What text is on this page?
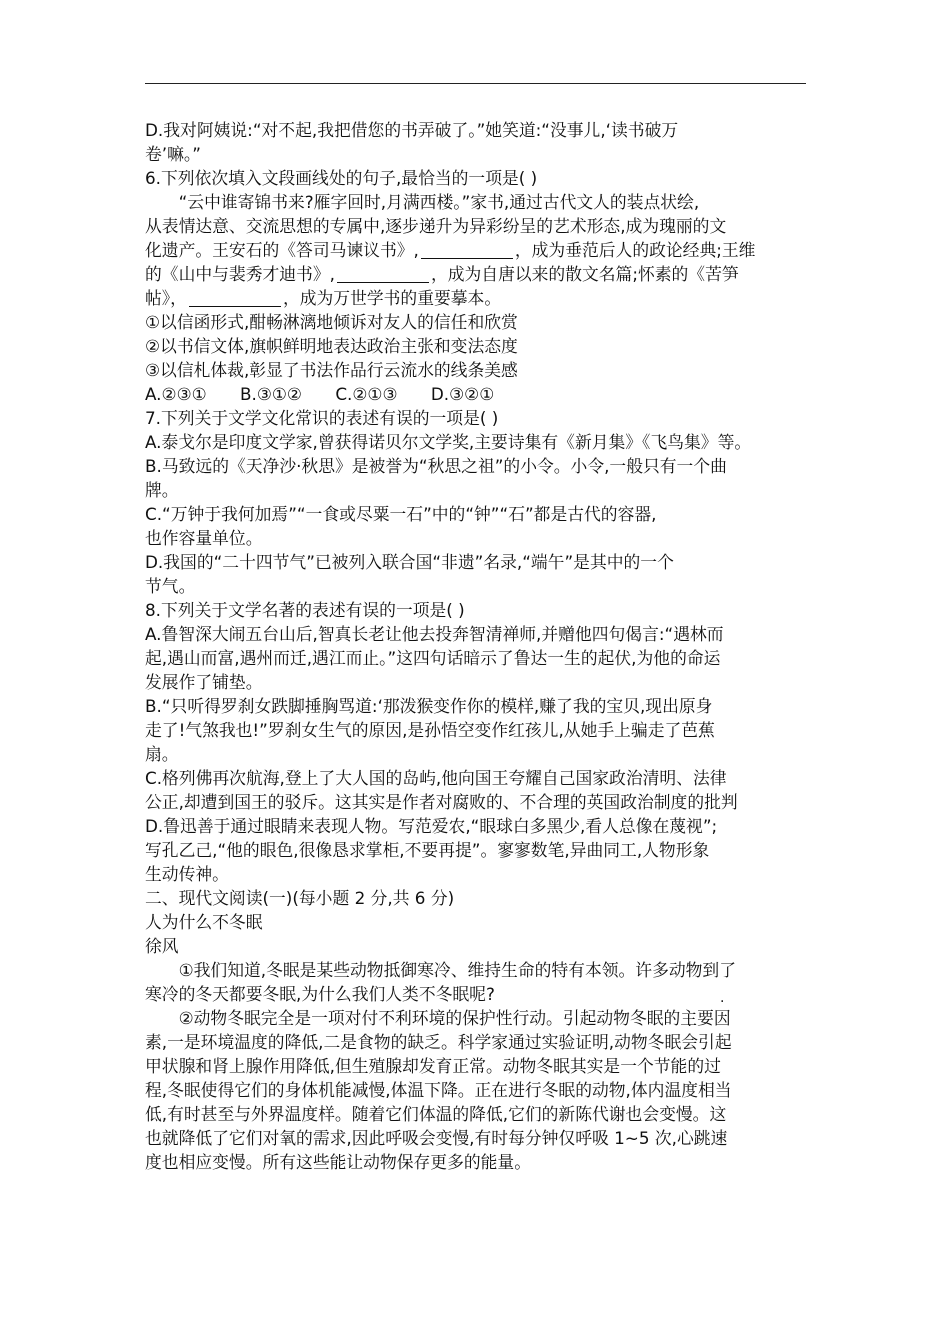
D.我对阿姨说:“对不起,我把借您的书弄破了。”她笑道:“没事儿,‘读书破万

卷’嘛。”

6.下列依次填入文段画线处的句子,最恰当的一项是( )

“云中谁寄锦书来?雁字回时,月满西楼。”家书,通过古代文人的装点状绘,

从表情达意、交流思想的专属中,逐步递升为异彩纷呈的艺术形态,成为瑰丽的文

化遗产。王安石的《答司马谏议书》,	，成为垂范后人的政论经典;王维

的《山中与裴秀才迪书》,	，成为自唐以来的散文名篇;怀素的《苦笋

帖》，	，成为万世学书的重要摹本。

①以信函形式,酣畅淋漓地倾诉对友人的信任和欣赏

②以书信文体,旗帜鲜明地表达政治主张和变法态度

③以信札体裁,彰显了书法作品行云流水的线条美感

A.②③① B.③①② C.②①③ D.③②①

7.下列关于文学文化常识的表述有误的一项是( )

A.泰戈尔是印度文学家,曾获得诺贝尔文学奖,主要诗集有《新月集》《飞鸟集》等。

B.马致远的《天净沙·秋思》是被誉为“秋思之祖”的小令。小令,一般只有一个曲

牌。

C.“万钟于我何加焉”“一食或尽粟一石”中的“钟”“石”都是古代的容器,

也作容量单位。

D.我国的“二十四节气”已被列入联合国“非遗”名录,“端午”是其中的一个

节气。

8.下列关于文学名著的表述有误的一项是( )

A.鲁智深大闹五台山后,智真长老让他去投奔智清禅师,并赠他四句偈言:“遇林而

起,遇山而富,遇州而迁,遇江而止。”这四句话暗示了鲁达一生的起伏,为他的命运

发展作了铺垫。

B.“只听得罗刹女跌脚捶胸骂道:‘那泼猴变作你的模样,赚了我的宝贝,现出原身

走了!气煞我也!”罗刹女生气的原因,是孙悟空变作红孩儿,从她手上骗走了芭蕉

扇。

C.格列佛再次航海,登上了大人国的岛屿,他向国王夸耀自己国家政治清明、法律

公正,却遭到国王的驳斥。这其实是作者对腐败的、不合理的英国政治制度的批判

D.鲁迅善于通过眼睛来表现人物。写范爱农,“眼球白多黑少,看人总像在蔑视”;

写孔乙己,“他的眼色,很像恳求掌柜,不要再提”。寥寥数笔,异曲同工,人物形象

生动传神。

二、现代文阅读(一)(每小题 2 分,共 6 分)

人为什么不冬眠

徐风

①我们知道,冬眠是某些动物抵御寒冷、维持生命的特有本领。许多动物到了

寒冷的冬天都要冬眠,为什么我们人类不冬眠呢?

②动物冬眠完全是一项对付不利环境的保护性行动。引起动物冬眠的主要因

素,一是环境温度的降低,二是食物的缺乏。科学家通过实验证明,动物冬眠会引起

甲状腺和肾上腺作用降低,但生殖腺却发育正常。动物冬眠其实是一个节能的过

程,冬眠使得它们的身体机能减慢,体温下降。正在进行冬眠的动物,体内温度相当

低,有时甚至与外界温度样。随着它们体温的降低,它们的新陈代谢也会变慢。这

也就降低了它们对氧的需求,因此呼吸会变慢,有时每分钟仅呼吸 1~5 次,心跳速

度也相应变慢。所有这些能让动物保存更多的能量。
